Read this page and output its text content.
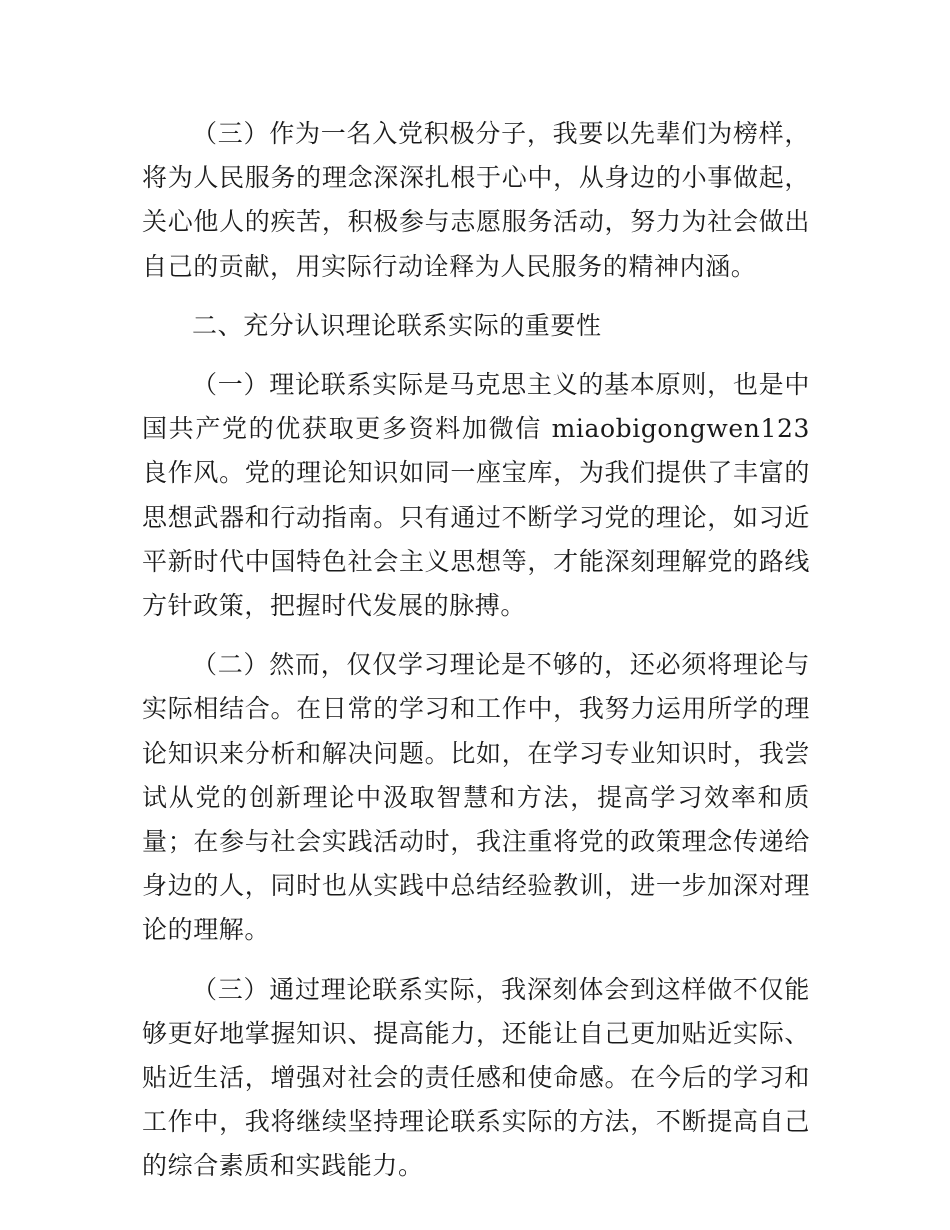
（三）作为一名入党积极分子，我要以先辈们为榜样，将为人民服务的理念深深扎根于心中，从身边的小事做起，关心他人的疾苦，积极参与志愿服务活动，努力为社会做出自己的贡献，用实际行动诠释为人民服务的精神内涵。

二、充分认识理论联系实际的重要性

（一）理论联系实际是马克思主义的基本原则，也是中国共产党的优获取更多资料加微信 miaobigongwen123 良作风。党的理论知识如同一座宝库，为我们提供了丰富的思想武器和行动指南。只有通过不断学习党的理论，如习近平新时代中国特色社会主义思想等，才能深刻理解党的路线方针政策，把握时代发展的脉搏。

（二）然而，仅仅学习理论是不够的，还必须将理论与实际相结合。在日常的学习和工作中，我努力运用所学的理论知识来分析和解决问题。比如，在学习专业知识时，我尝试从党的创新理论中汲取智慧和方法，提高学习效率和质量；在参与社会实践活动时，我注重将党的政策理念传递给身边的人，同时也从实践中总结经验教训，进一步加深对理论的理解。

（三）通过理论联系实际，我深刻体会到这样做不仅能够更好地掌握知识、提高能力，还能让自己更加贴近实际、贴近生活，增强对社会的责任感和使命感。在今后的学习和工作中，我将继续坚持理论联系实际的方法，不断提高自己的综合素质和实践能力。
